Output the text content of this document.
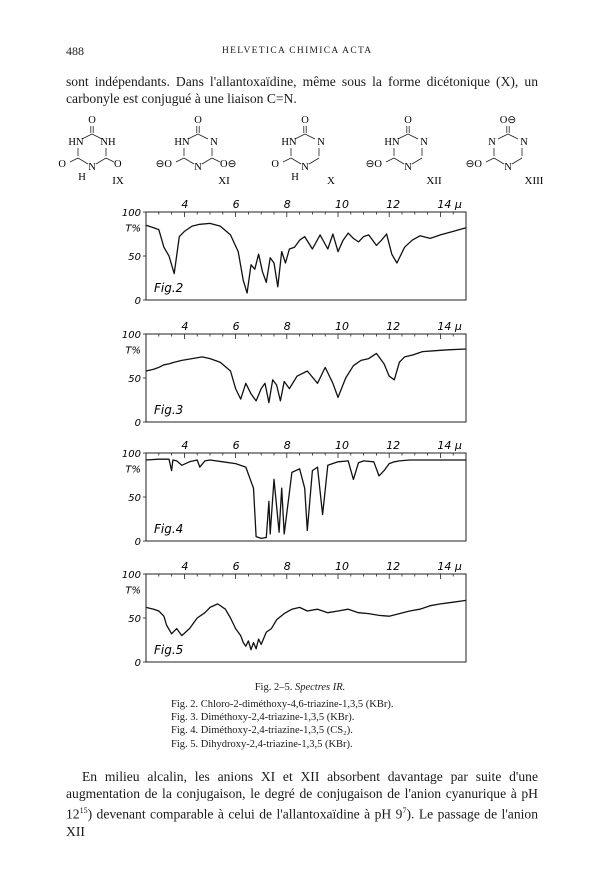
488	HELVETICA CHIMICA ACTA

sont indépendants. Dans l'allantoxaïdine, même sous la forme dicétonique (X), un carbonyle est conjugué à une liaison C=N.

O
HN NH
N
H
O	O
IX
O
HN N
N
⊖O	O⊖
XI
O
HN N
N
H
O
X
O
HN N
N
⊖O
XII
O⊖
N N
N
⊖O
XIII
4	6	8	10	12	14 µ
100
T%
50
0
Fig.2
4	6	8	10	12	14 µ
100
T%
50
0
Fig.3
4	6	8	10	12	14 µ
100
T%
50
0
Fig.4
4	6	8	10	12	14 µ
100
T%
50
0
Fig.5
Fig. 2–5. Spectres IR.
Fig. 2. Chloro-2-diméthoxy-4,6-triazine-1,3,5 (KBr).
Fig. 3. Diméthoxy-2,4-triazine-1,3,5 (KBr).
Fig. 4. Diméthoxy-2,4-triazine-1,3,5 (CS₂).
Fig. 5. Dihydroxy-2,4-triazine-1,3,5 (KBr).

En milieu alcalin, les anions XI et XII absorbent davantage par suite d'une augmentation de la conjugaison, le degré de conjugaison de l'anion cyanurique à pH $12^{15}$) devenant comparable à celui de l'allantoxaïdine à pH $9^7$). Le passage de l'anion XII
